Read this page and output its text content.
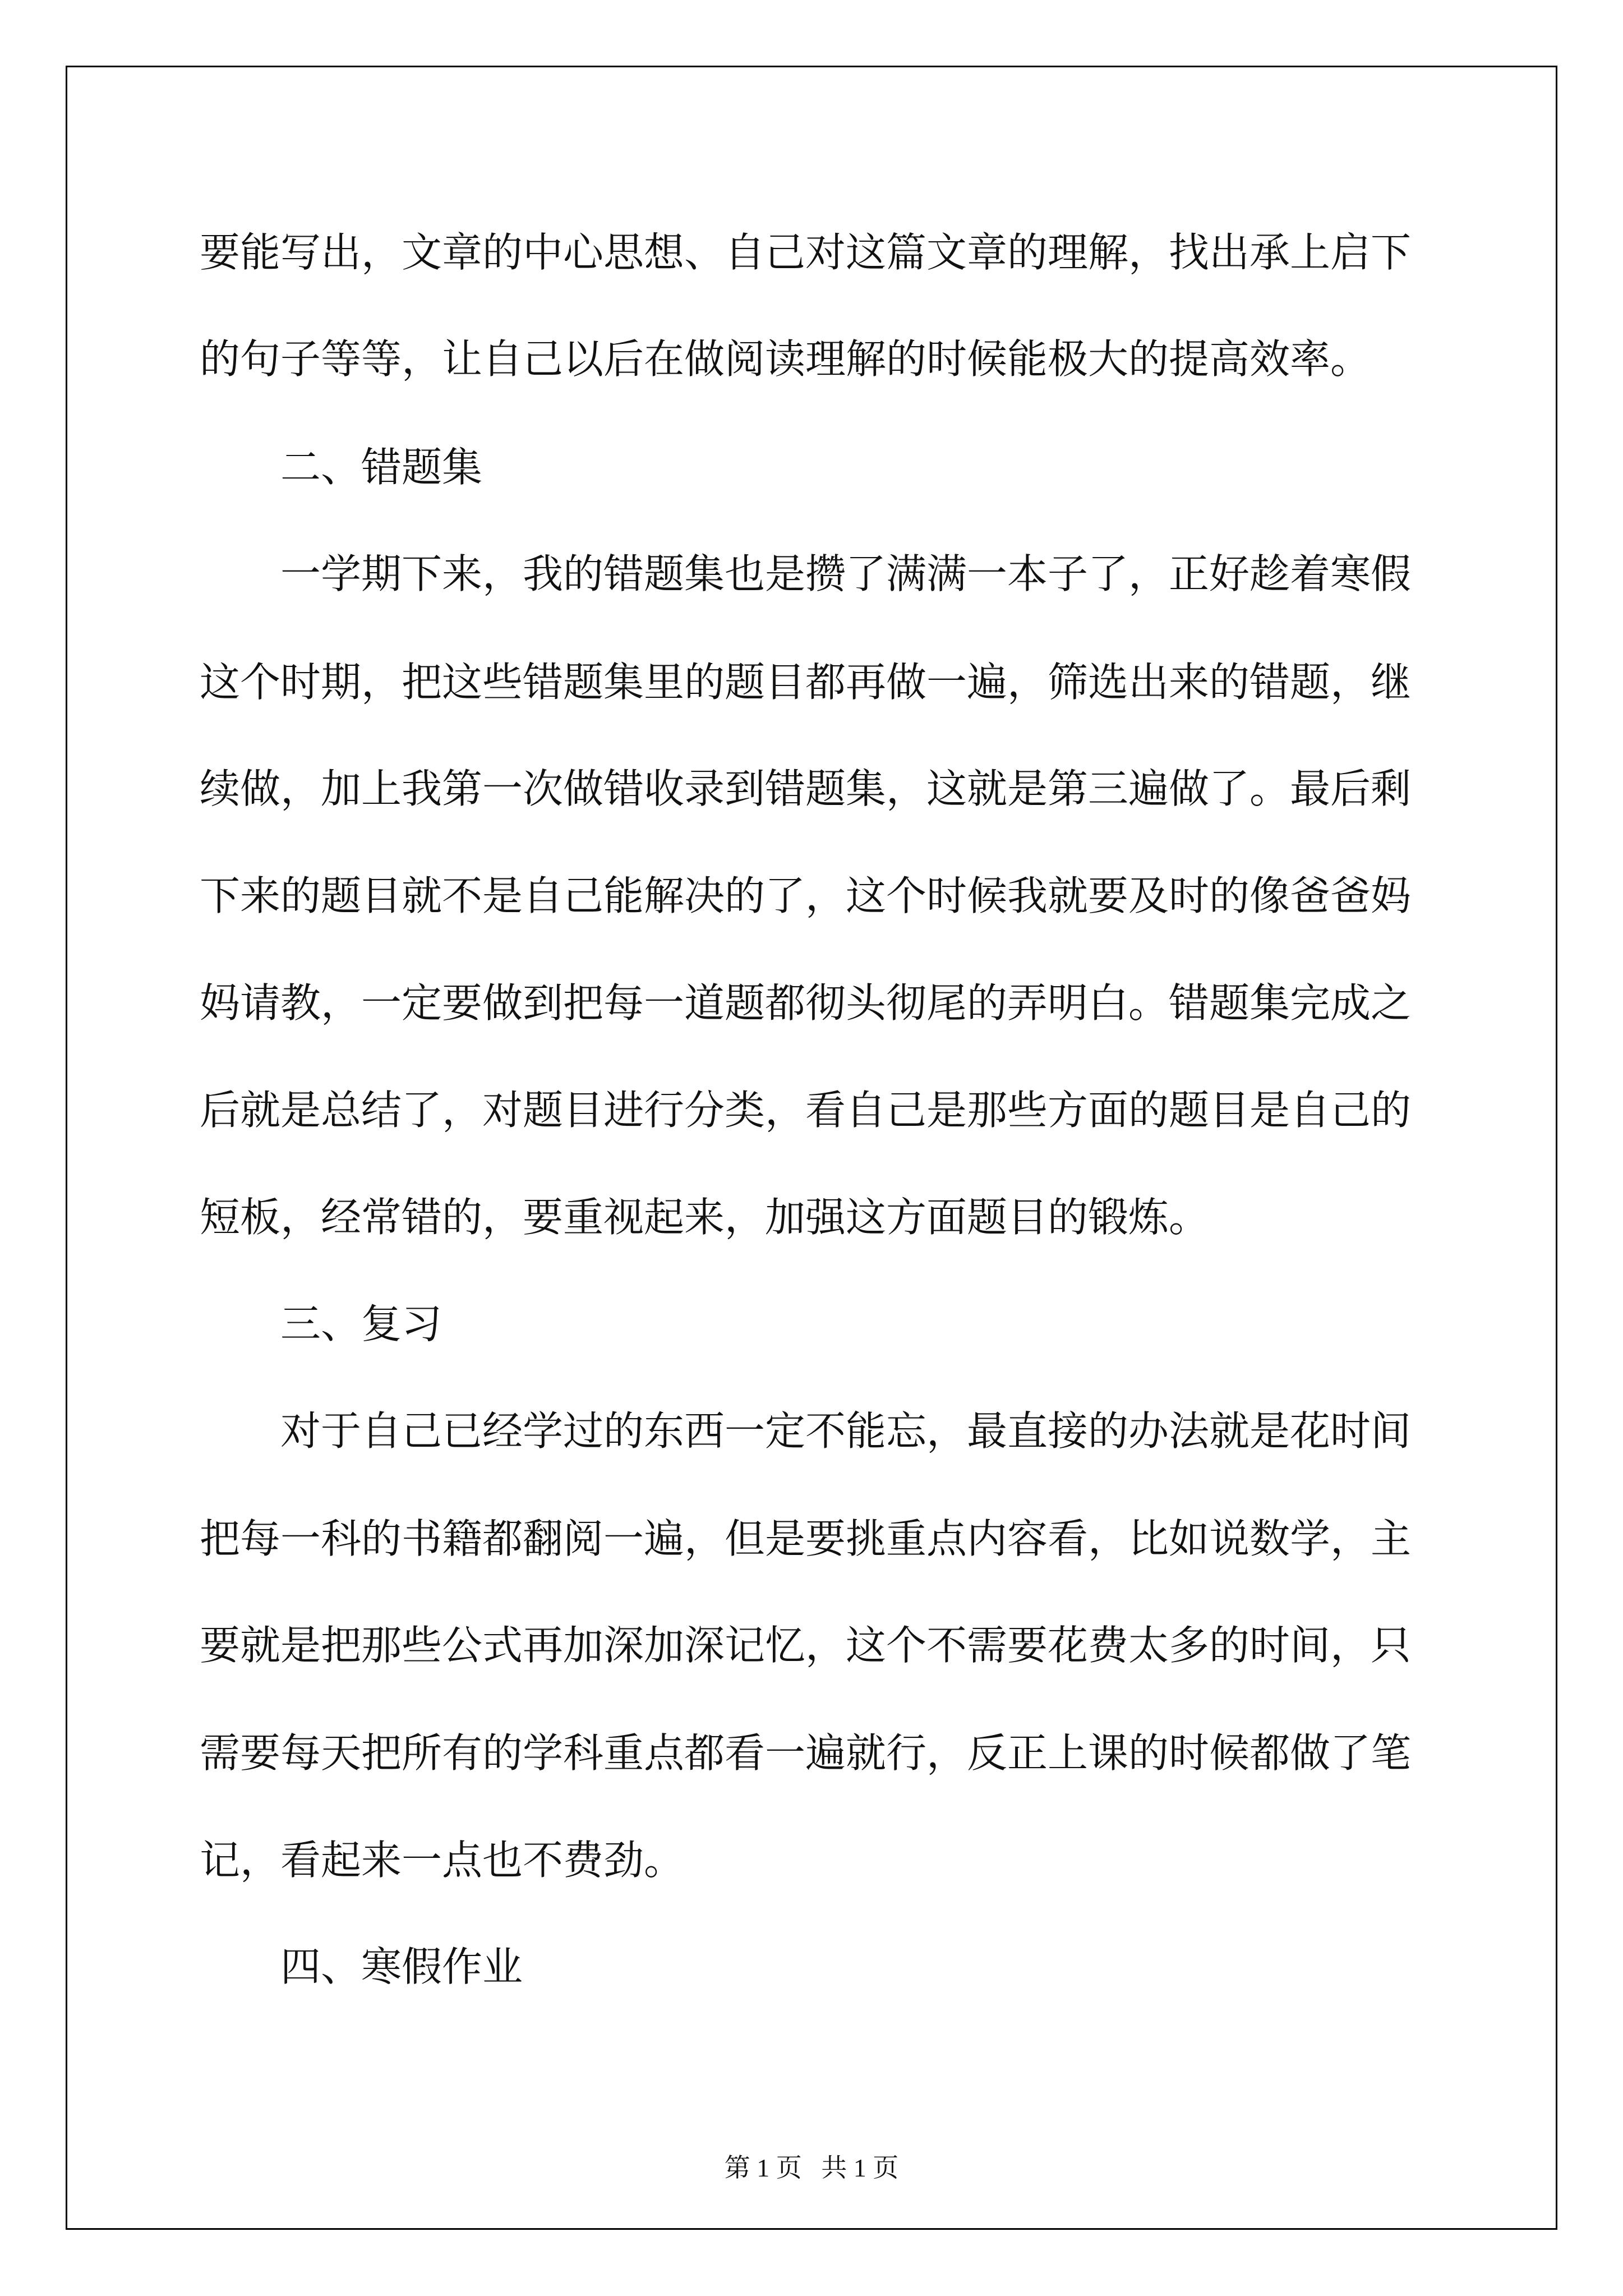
要能写出，文章的中心思想、自己对这篇文章的理解，找出承上启下
的句子等等，让自己以后在做阅读理解的时候能极大的提高效率。
二、错题集
一学期下来，我的错题集也是攒了满满一本子了，正好趁着寒假
这个时期，把这些错题集里的题目都再做一遍，筛选出来的错题，继
续做，加上我第一次做错收录到错题集，这就是第三遍做了。最后剩
下来的题目就不是自己能解决的了，这个时候我就要及时的像爸爸妈
妈请教，一定要做到把每一道题都彻头彻尾的弄明白。错题集完成之
后就是总结了，对题目进行分类，看自己是那些方面的题目是自己的
短板，经常错的，要重视起来，加强这方面题目的锻炼。
三、复习
对于自己已经学过的东西一定不能忘，最直接的办法就是花时间
把每一科的书籍都翻阅一遍，但是要挑重点内容看，比如说数学，主
要就是把那些公式再加深加深记忆，这个不需要花费太多的时间，只
需要每天把所有的学科重点都看一遍就行，反正上课的时候都做了笔
记，看起来一点也不费劲。
四、寒假作业
第 1 页   共 1 页
